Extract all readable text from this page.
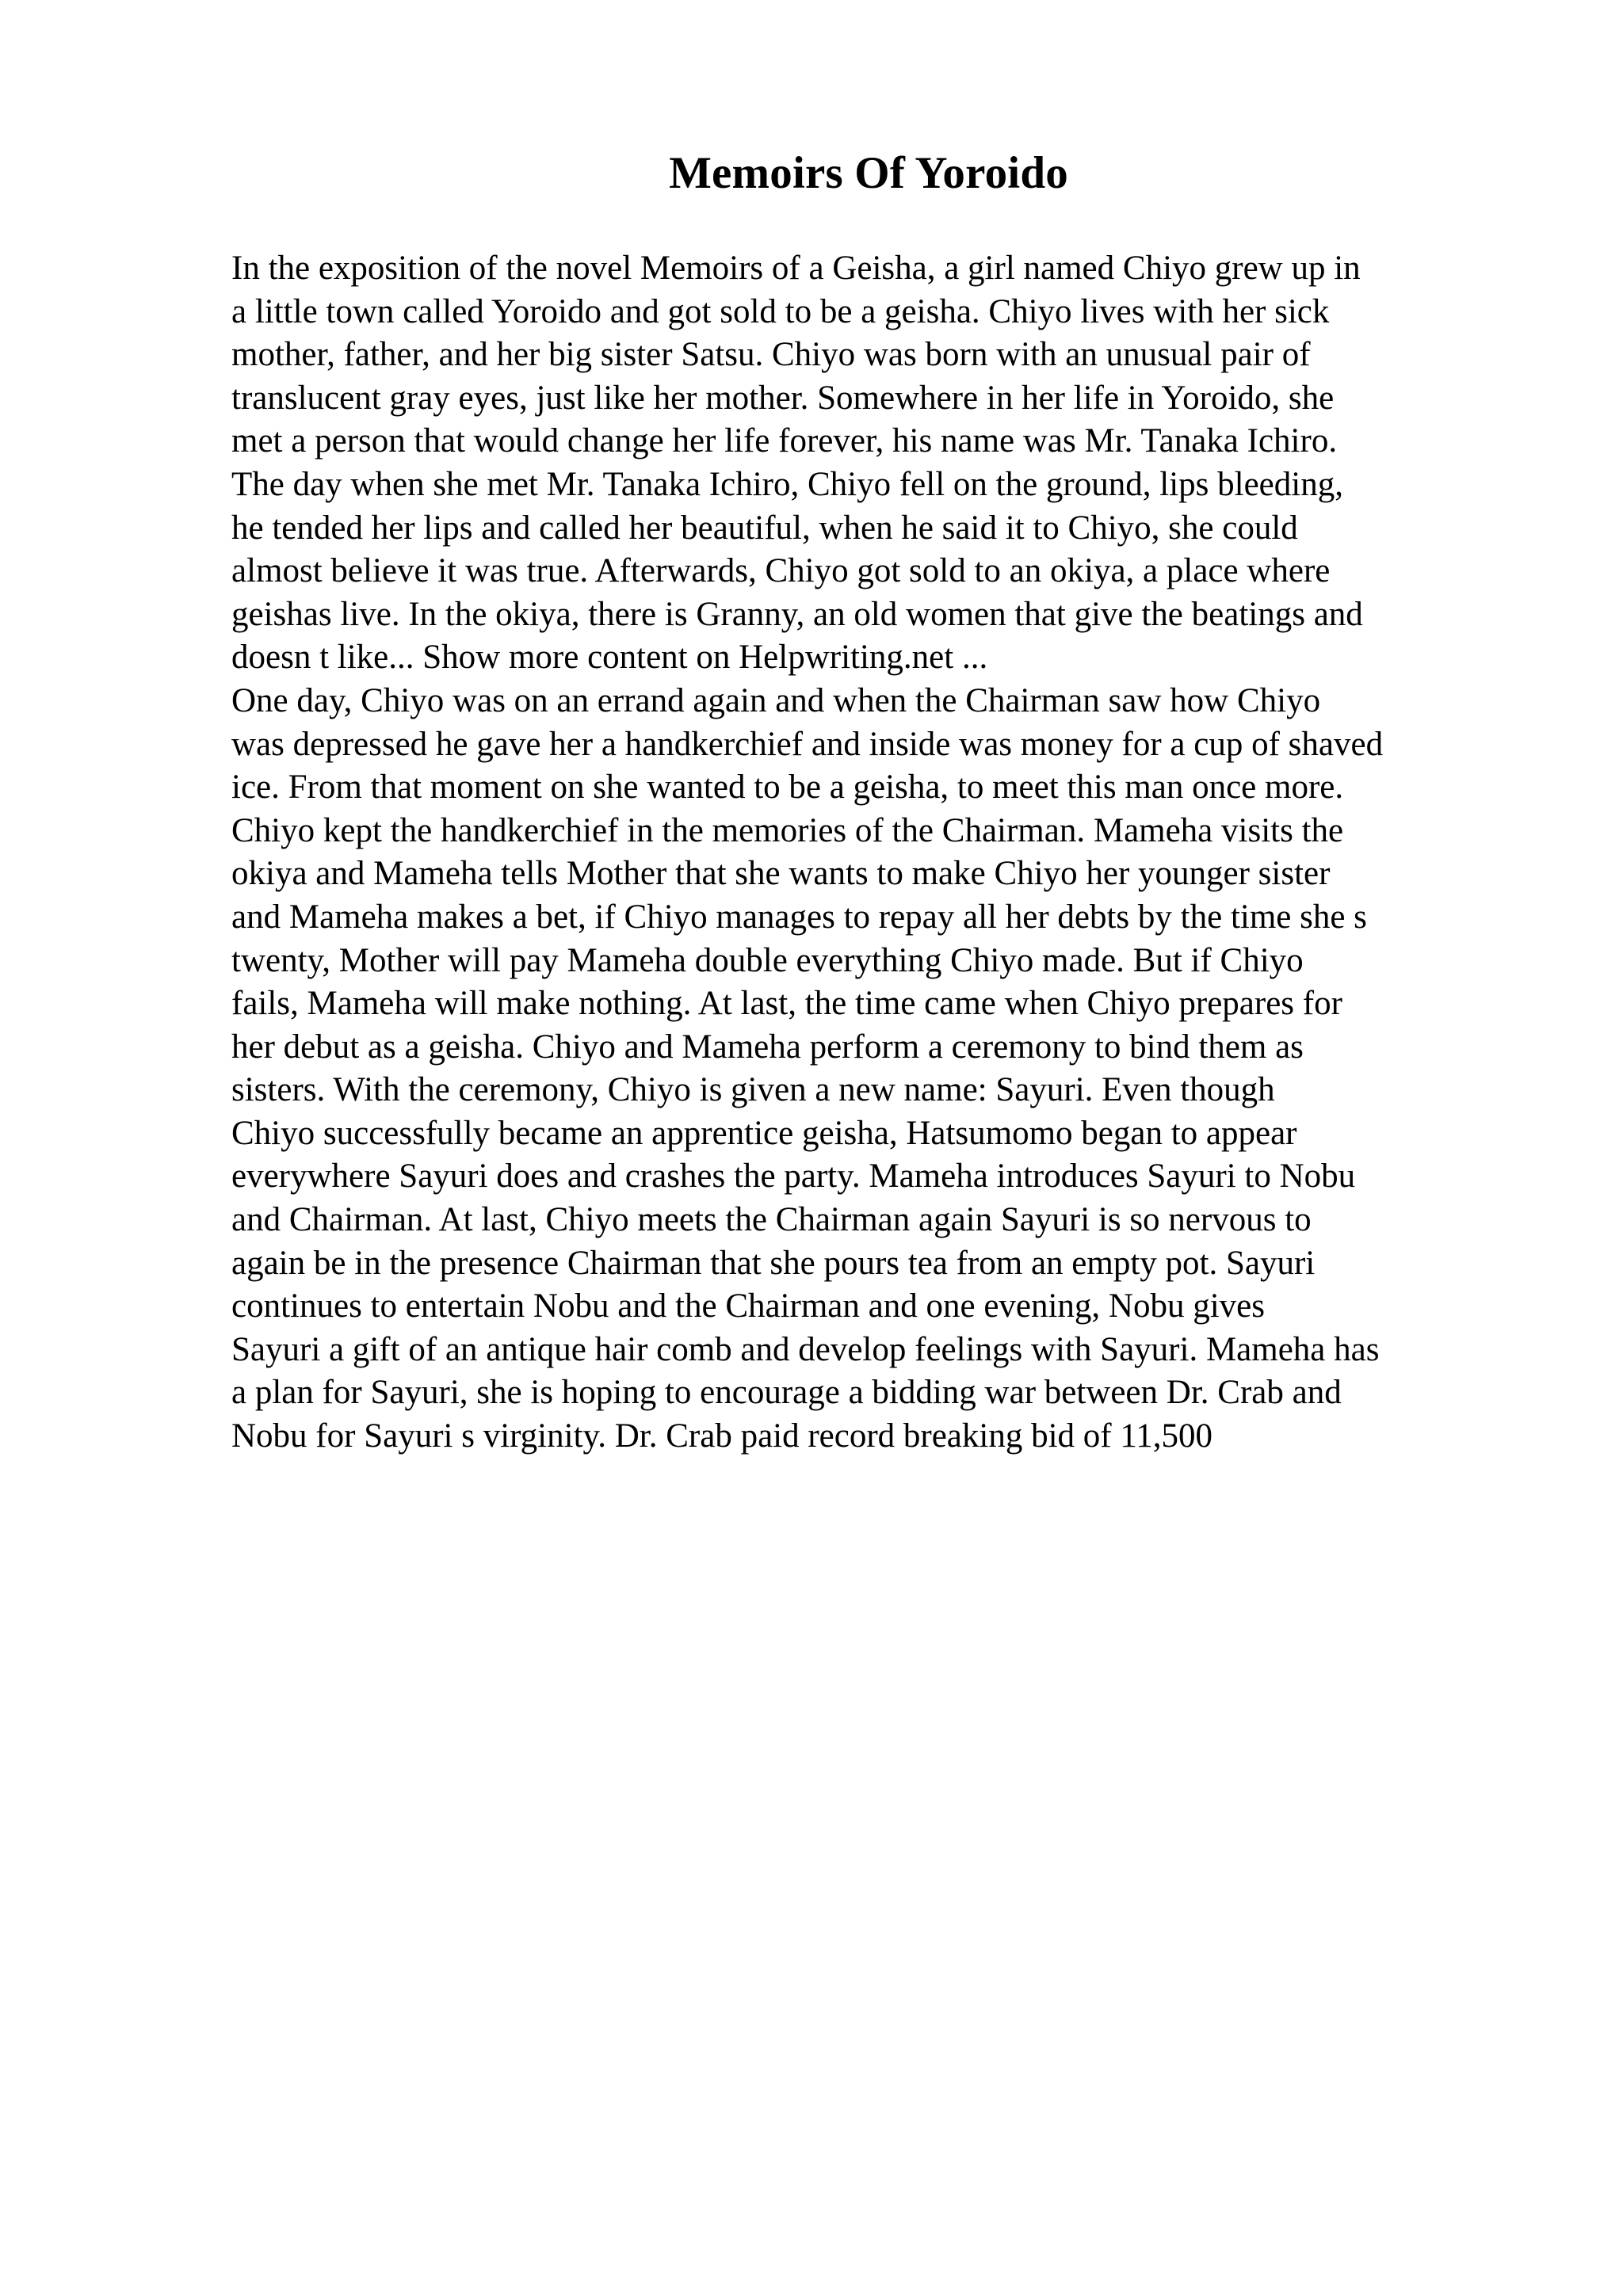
Memoirs Of Yoroido
In the exposition of the novel Memoirs of a Geisha, a girl named Chiyo grew up in
a little town called Yoroido and got sold to be a geisha. Chiyo lives with her sick
mother, father, and her big sister Satsu. Chiyo was born with an unusual pair of
translucent gray eyes, just like her mother. Somewhere in her life in Yoroido, she
met a person that would change her life forever, his name was Mr. Tanaka Ichiro.
The day when she met Mr. Tanaka Ichiro, Chiyo fell on the ground, lips bleeding,
he tended her lips and called her beautiful, when he said it to Chiyo, she could
almost believe it was true. Afterwards, Chiyo got sold to an okiya, a place where
geishas live. In the okiya, there is Granny, an old women that give the beatings and
doesn t like... Show more content on Helpwriting.net ...
One day, Chiyo was on an errand again and when the Chairman saw how Chiyo
was depressed he gave her a handkerchief and inside was money for a cup of shaved
ice. From that moment on she wanted to be a geisha, to meet this man once more.
Chiyo kept the handkerchief in the memories of the Chairman. Mameha visits the
okiya and Mameha tells Mother that she wants to make Chiyo her younger sister
and Mameha makes a bet, if Chiyo manages to repay all her debts by the time she s
twenty, Mother will pay Mameha double everything Chiyo made. But if Chiyo
fails, Mameha will make nothing. At last, the time came when Chiyo prepares for
her debut as a geisha. Chiyo and Mameha perform a ceremony to bind them as
sisters. With the ceremony, Chiyo is given a new name: Sayuri. Even though
Chiyo successfully became an apprentice geisha, Hatsumomo began to appear
everywhere Sayuri does and crashes the party. Mameha introduces Sayuri to Nobu
and Chairman. At last, Chiyo meets the Chairman again Sayuri is so nervous to
again be in the presence Chairman that she pours tea from an empty pot. Sayuri
continues to entertain Nobu and the Chairman and one evening, Nobu gives
Sayuri a gift of an antique hair comb and develop feelings with Sayuri. Mameha has
a plan for Sayuri, she is hoping to encourage a bidding war between Dr. Crab and
Nobu for Sayuri s virginity. Dr. Crab paid record breaking bid of 11,500
